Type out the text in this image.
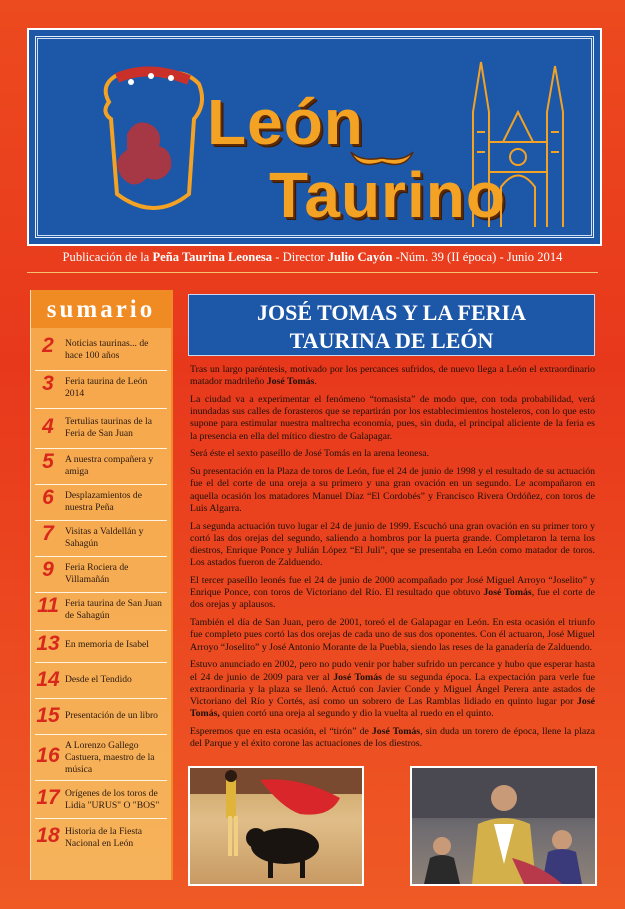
León
Taurino
Publicación de la Peña Taurina Leonesa - Director Julio Cayón -Núm. 39 (II época) - Junio 2014
sumario
2	Noticias taurinas... de hace 100 años
3	Feria taurina de León 2014
4	Tertulias taurinas de la Feria de San Juan
5	A nuestra compañera y amiga
6	Desplazamientos de nuestra Peña
7	Visitas a Valdellán y Sahagún
9	Feria Rociera de Villamañán
11 Feria taurina de San Juan de Sahagún
13 En memoria de Isabel
14 Desde el Tendido
15 Presentación de un libro
16 A Lorenzo Gallego Castuera, maestro de la música
17 Orígenes de los toros de Lidia "URUS" O "BOS"
18 Historia de la Fiesta Nacional en León
JOSÉ TOMAS Y LA FERIA
TAURINA DE LEÓN

Tras un largo paréntesis, motivado por los percances sufridos, de nuevo llega a León el extraordinario matador madrileño José Tomás.

La ciudad va a experimentar el fenómeno “tomasista” de modo que, con toda probabilidad, verá inundadas sus calles de forasteros que se repartirán por los establecimientos hosteleros, con lo que esto supone para estimular nuestra maltrecha economía, pues, sin duda, el principal aliciente de la feria es la presencia en ella del mítico diestro de Galapagar.

Será éste el sexto paseíllo de José Tomás en la arena leonesa.

Su presentación en la Plaza de toros de León, fue el 24 de junio de 1998 y el resultado de su actuación fue el del corte de una oreja a su primero y una gran ovación en un segundo. Le acompañaron en aquella ocasión los matadores Manuel Díaz “El Cordobés” y Francisco Rivera Ordóñez, con toros de Luis Algarra.

La segunda actuación tuvo lugar el 24 de junio de 1999. Escuchó una gran ovación en su primer toro y cortó las dos orejas del segundo, saliendo a hombros por la puerta grande. Completaron la terna los diestros, Enrique Ponce y Julián López “El Juli”, que se presentaba en León como matador de toros. Los astados fueron de Zalduendo.

El tercer paseíllo leonés fue el 24 de junio de 2000 acompañado por José Miguel Arroyo “Joselito” y Enrique Ponce, con toros de Victoriano del Río. El resultado que obtuvo José Tomás, fue el corte de dos orejas y aplausos.

También el día de San Juan, pero de 2001, toreó el de Galapagar en León. En esta ocasión el triunfo fue completo pues cortó las dos orejas de cada uno de sus dos oponentes. Con él actuaron, José Miguel Arroyo “Joselito” y José Antonio Morante de la Puebla, siendo las reses de la ganadería de Zalduendo.

Estuvo anunciado en 2002, pero no pudo venir por haber sufrido un percance y hubo que esperar hasta el 24 de junio de 2009 para ver al José Tomás de su segunda época. La expectación para verle fue extraordinaria y la plaza se llenó. Actuó con Javier Conde y Miguel Ángel Perera ante astados de Victoriano del Río y Cortés, así como un sobrero de Las Ramblas lidiado en quinto lugar por José Tomás, quien cortó una oreja al segundo y dio la vuelta al ruedo en el quinto.

Esperemos que en esta ocasión, el “tirón” de José Tomás, sin duda un torero de época, llene la plaza del Parque y el éxito corone las actuaciones de los diestros.
